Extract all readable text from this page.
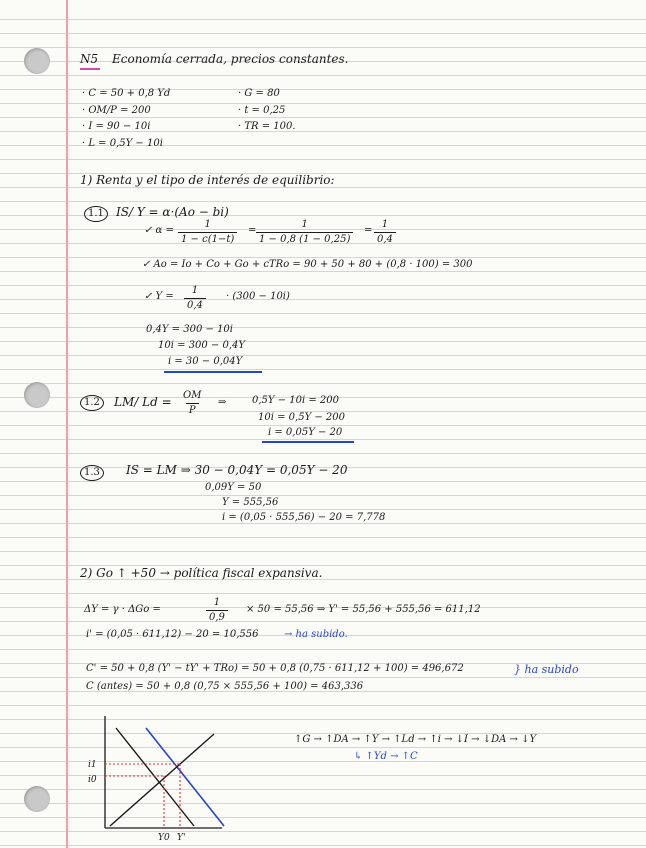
N5 Economía cerrada, precios constantes.
· C = 50 + 0,8 Yd
· OM/P = 200
· I = 90 − 10i
· L = 0,5Y − 10i
· G = 80
· t = 0,25
· TR = 100.
1) Renta y el tipo de interés de equilibrio:
1.1	IS/ Y = α·(Ao − bi)
✓ $\alpha = \frac{1}{1 - c(1-t)} = \frac{1}{1 - 0,8 (1 - 0,25)} = \frac{1}{0,4}$
✓ Ao = Io + Co + Go + cTRo = 90 + 50 + 80 + (0,8 · 100) = 300
✓ $Y = \frac{1}{0,4} \cdot (300 - 10i)$
0,4Y = 300 − 10i
10i = 300 − 0,4Y
i = 30 − 0,04Y
1.2	LM/ $Ld = \frac{OM}{P}$ ⇒	0,5Y − 10i = 200
10i = 0,5Y − 200
i = 0,05Y − 20
1.3	IS = LM ⇒ 30 − 0,04Y = 0,05Y − 20
0,09Y = 50
Y = 555,56
i = (0,05 · 555,56) − 20 = 7,778
2) Go ↑ +50 → política fiscal expansiva.
ΔY = γ · ΔGo =	$\frac{1}{0,9} \times 50 = 55,56$ ⇒ Y' = 55,56 + 555,56 = 611,12
i' = (0,05 · 611,12) − 20 = 10,556	→ ha subido.
C' = 50 + 0,8 (Y' − tY' + TRo) = 50 + 0,8 (0,75 · 611,12 + 100) = 496,672	} ha subido
C (antes) = 50 + 0,8 (0,75 × 555,56 + 100) = 463,336
↑G → ↑DA → ↑Y → ↑Ld → ↑i → ↓I → ↓DA → ↓Y
↳ ↑Yd → ↑C
i1
i0
Y0 Y'
